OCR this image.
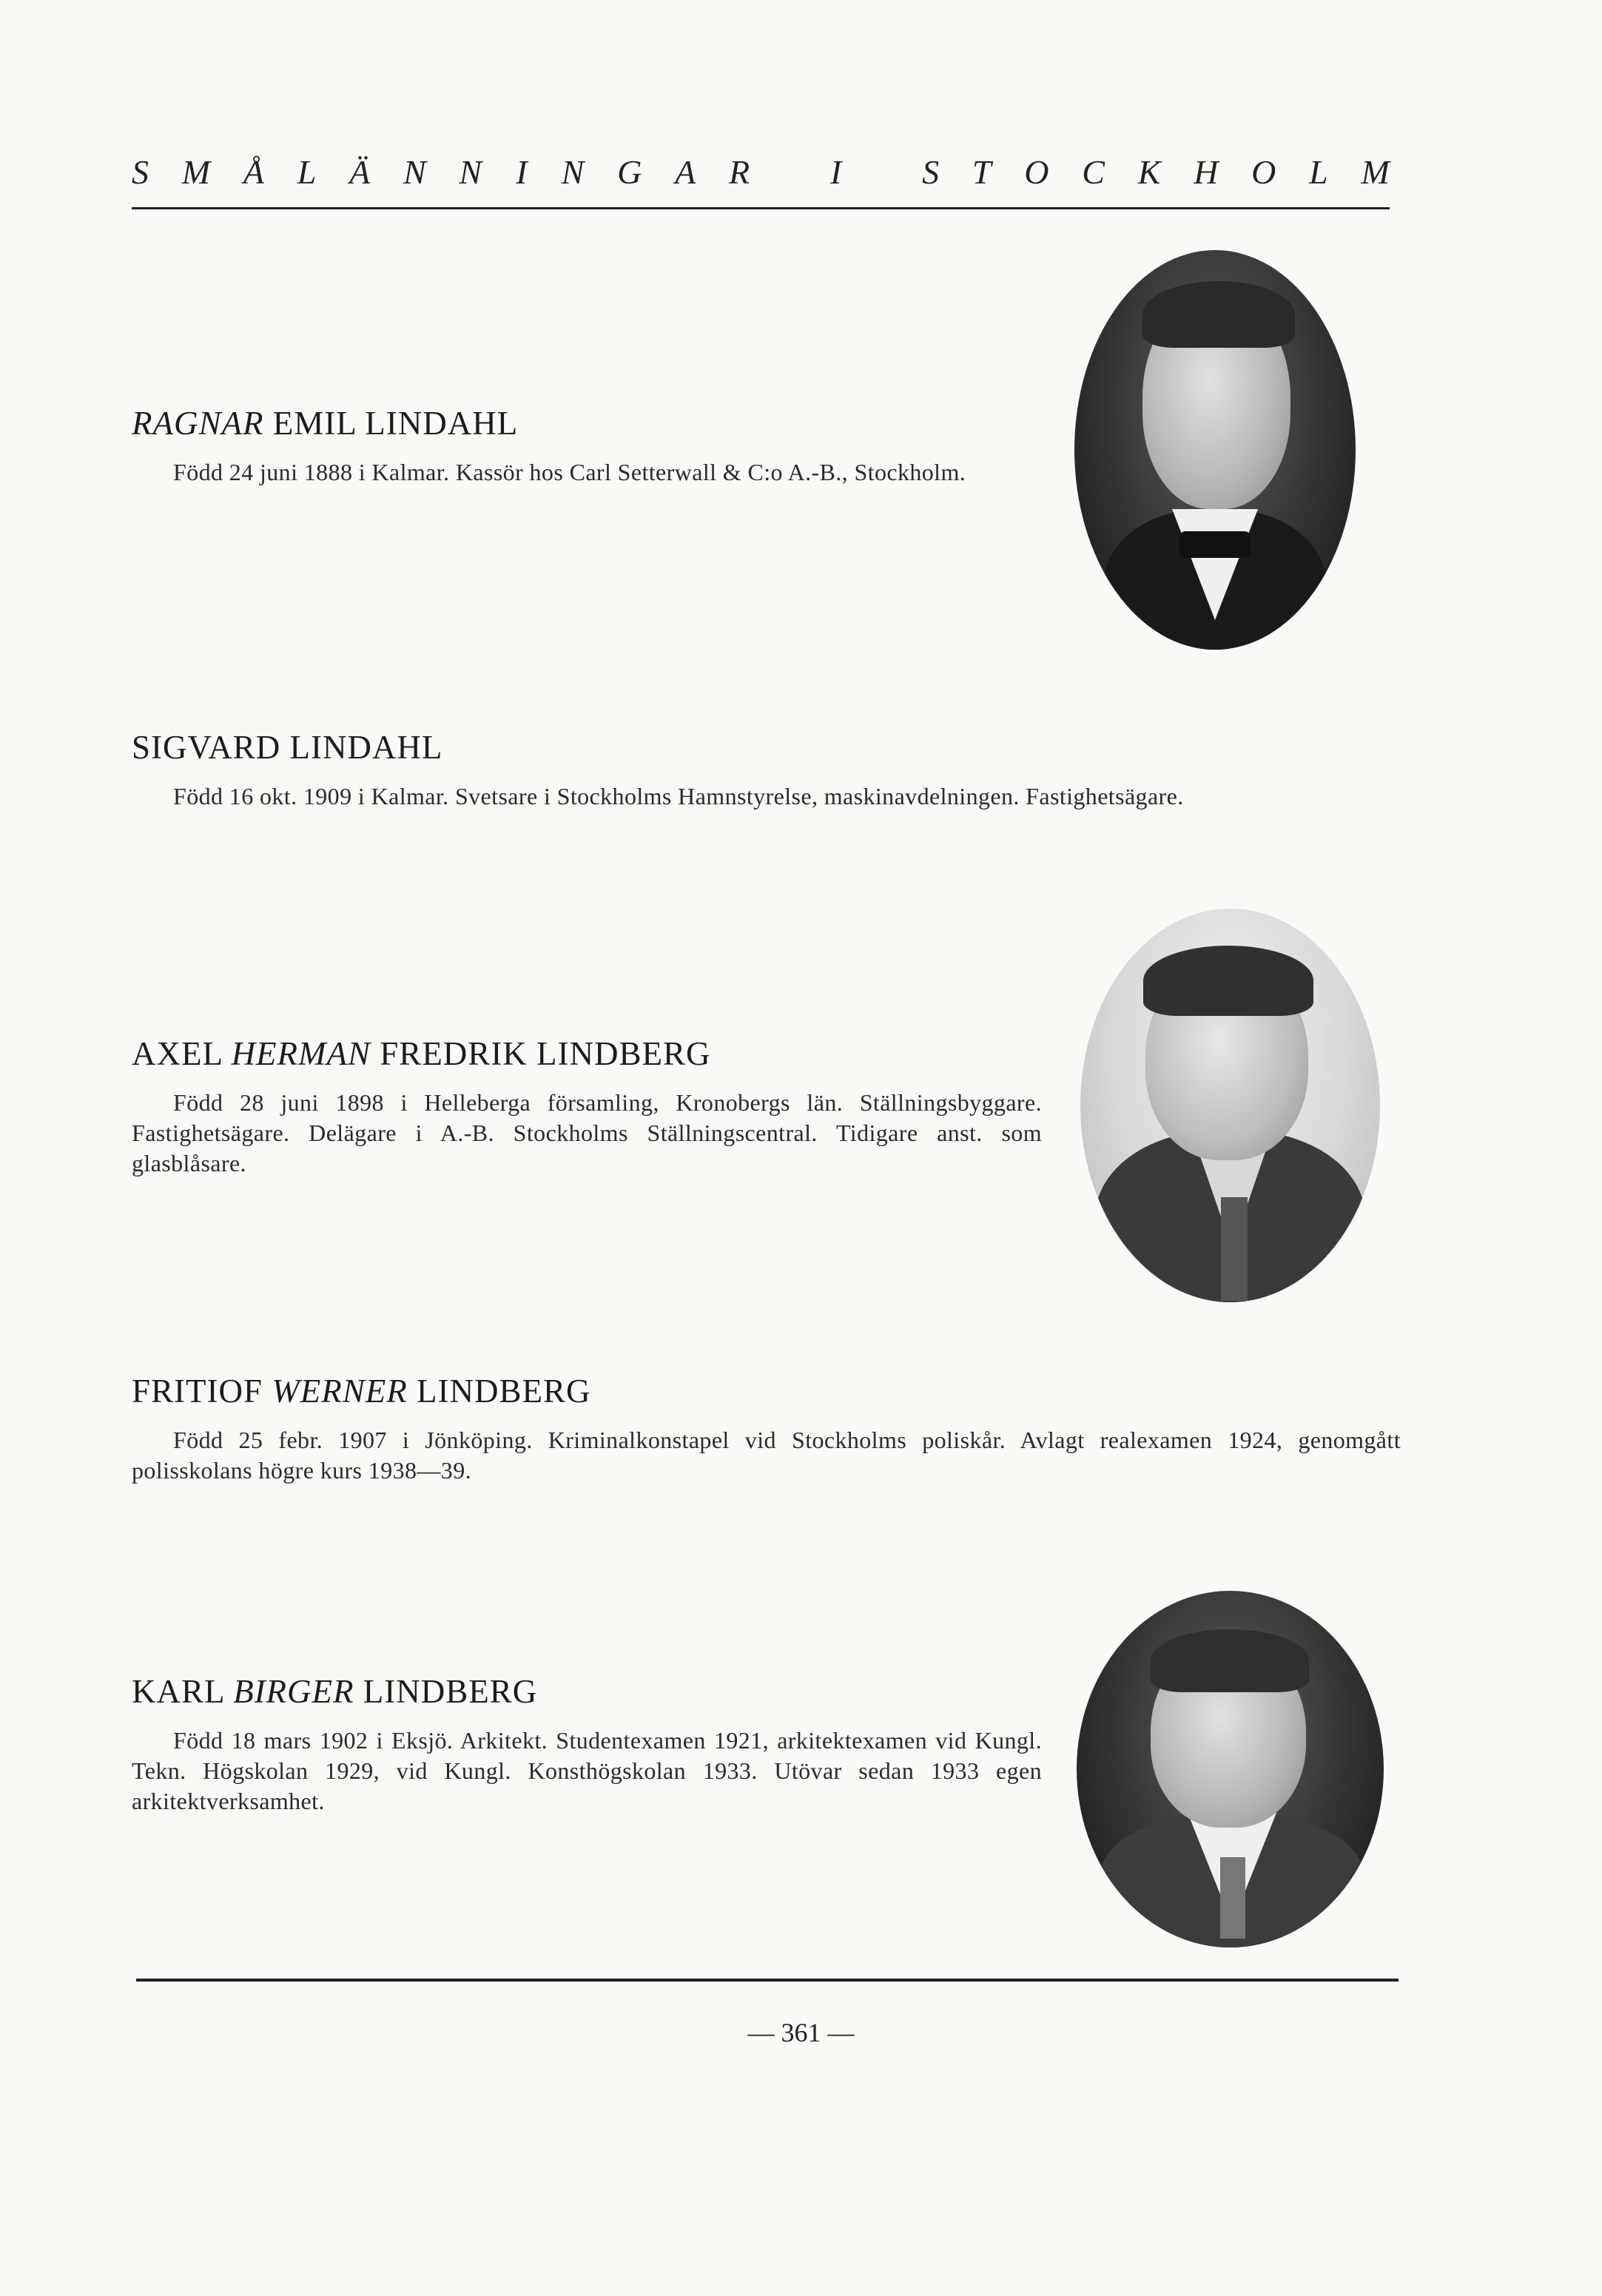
S M Å L Ä N N I N G A R
I
S T O C K H O L M

RAGNAR EMIL LINDAHL

Född 24 juni 1888 i Kalmar. Kassör hos Carl Setterwall & C:o A.-B., Stockholm.

SIGVARD LINDAHL

Född 16 okt. 1909 i Kalmar. Svetsare i Stockholms Hamnstyrelse, maskinavdelningen. Fastighetsägare.

AXEL HERMAN FREDRIK LINDBERG

Född 28 juni 1898 i Helleberga församling, Kronobergs län. Ställningsbyggare. Fastighetsägare. Delägare i A.-B. Stockholms Ställningscentral. Tidigare anst. som glasblåsare.

FRITIOF WERNER LINDBERG

Född 25 febr. 1907 i Jönköping. Kriminalkonstapel vid Stockholms poliskår. Avlagt realexamen 1924, genomgått polisskolans högre kurs 1938—39.

KARL BIRGER LINDBERG

Född 18 mars 1902 i Eksjö. Arkitekt. Studentexamen 1921, arkitektexamen vid Kungl. Tekn. Högskolan 1929, vid Kungl. Konsthögskolan 1933. Utövar sedan 1933 egen arkitektverksamhet.
— 361 —
